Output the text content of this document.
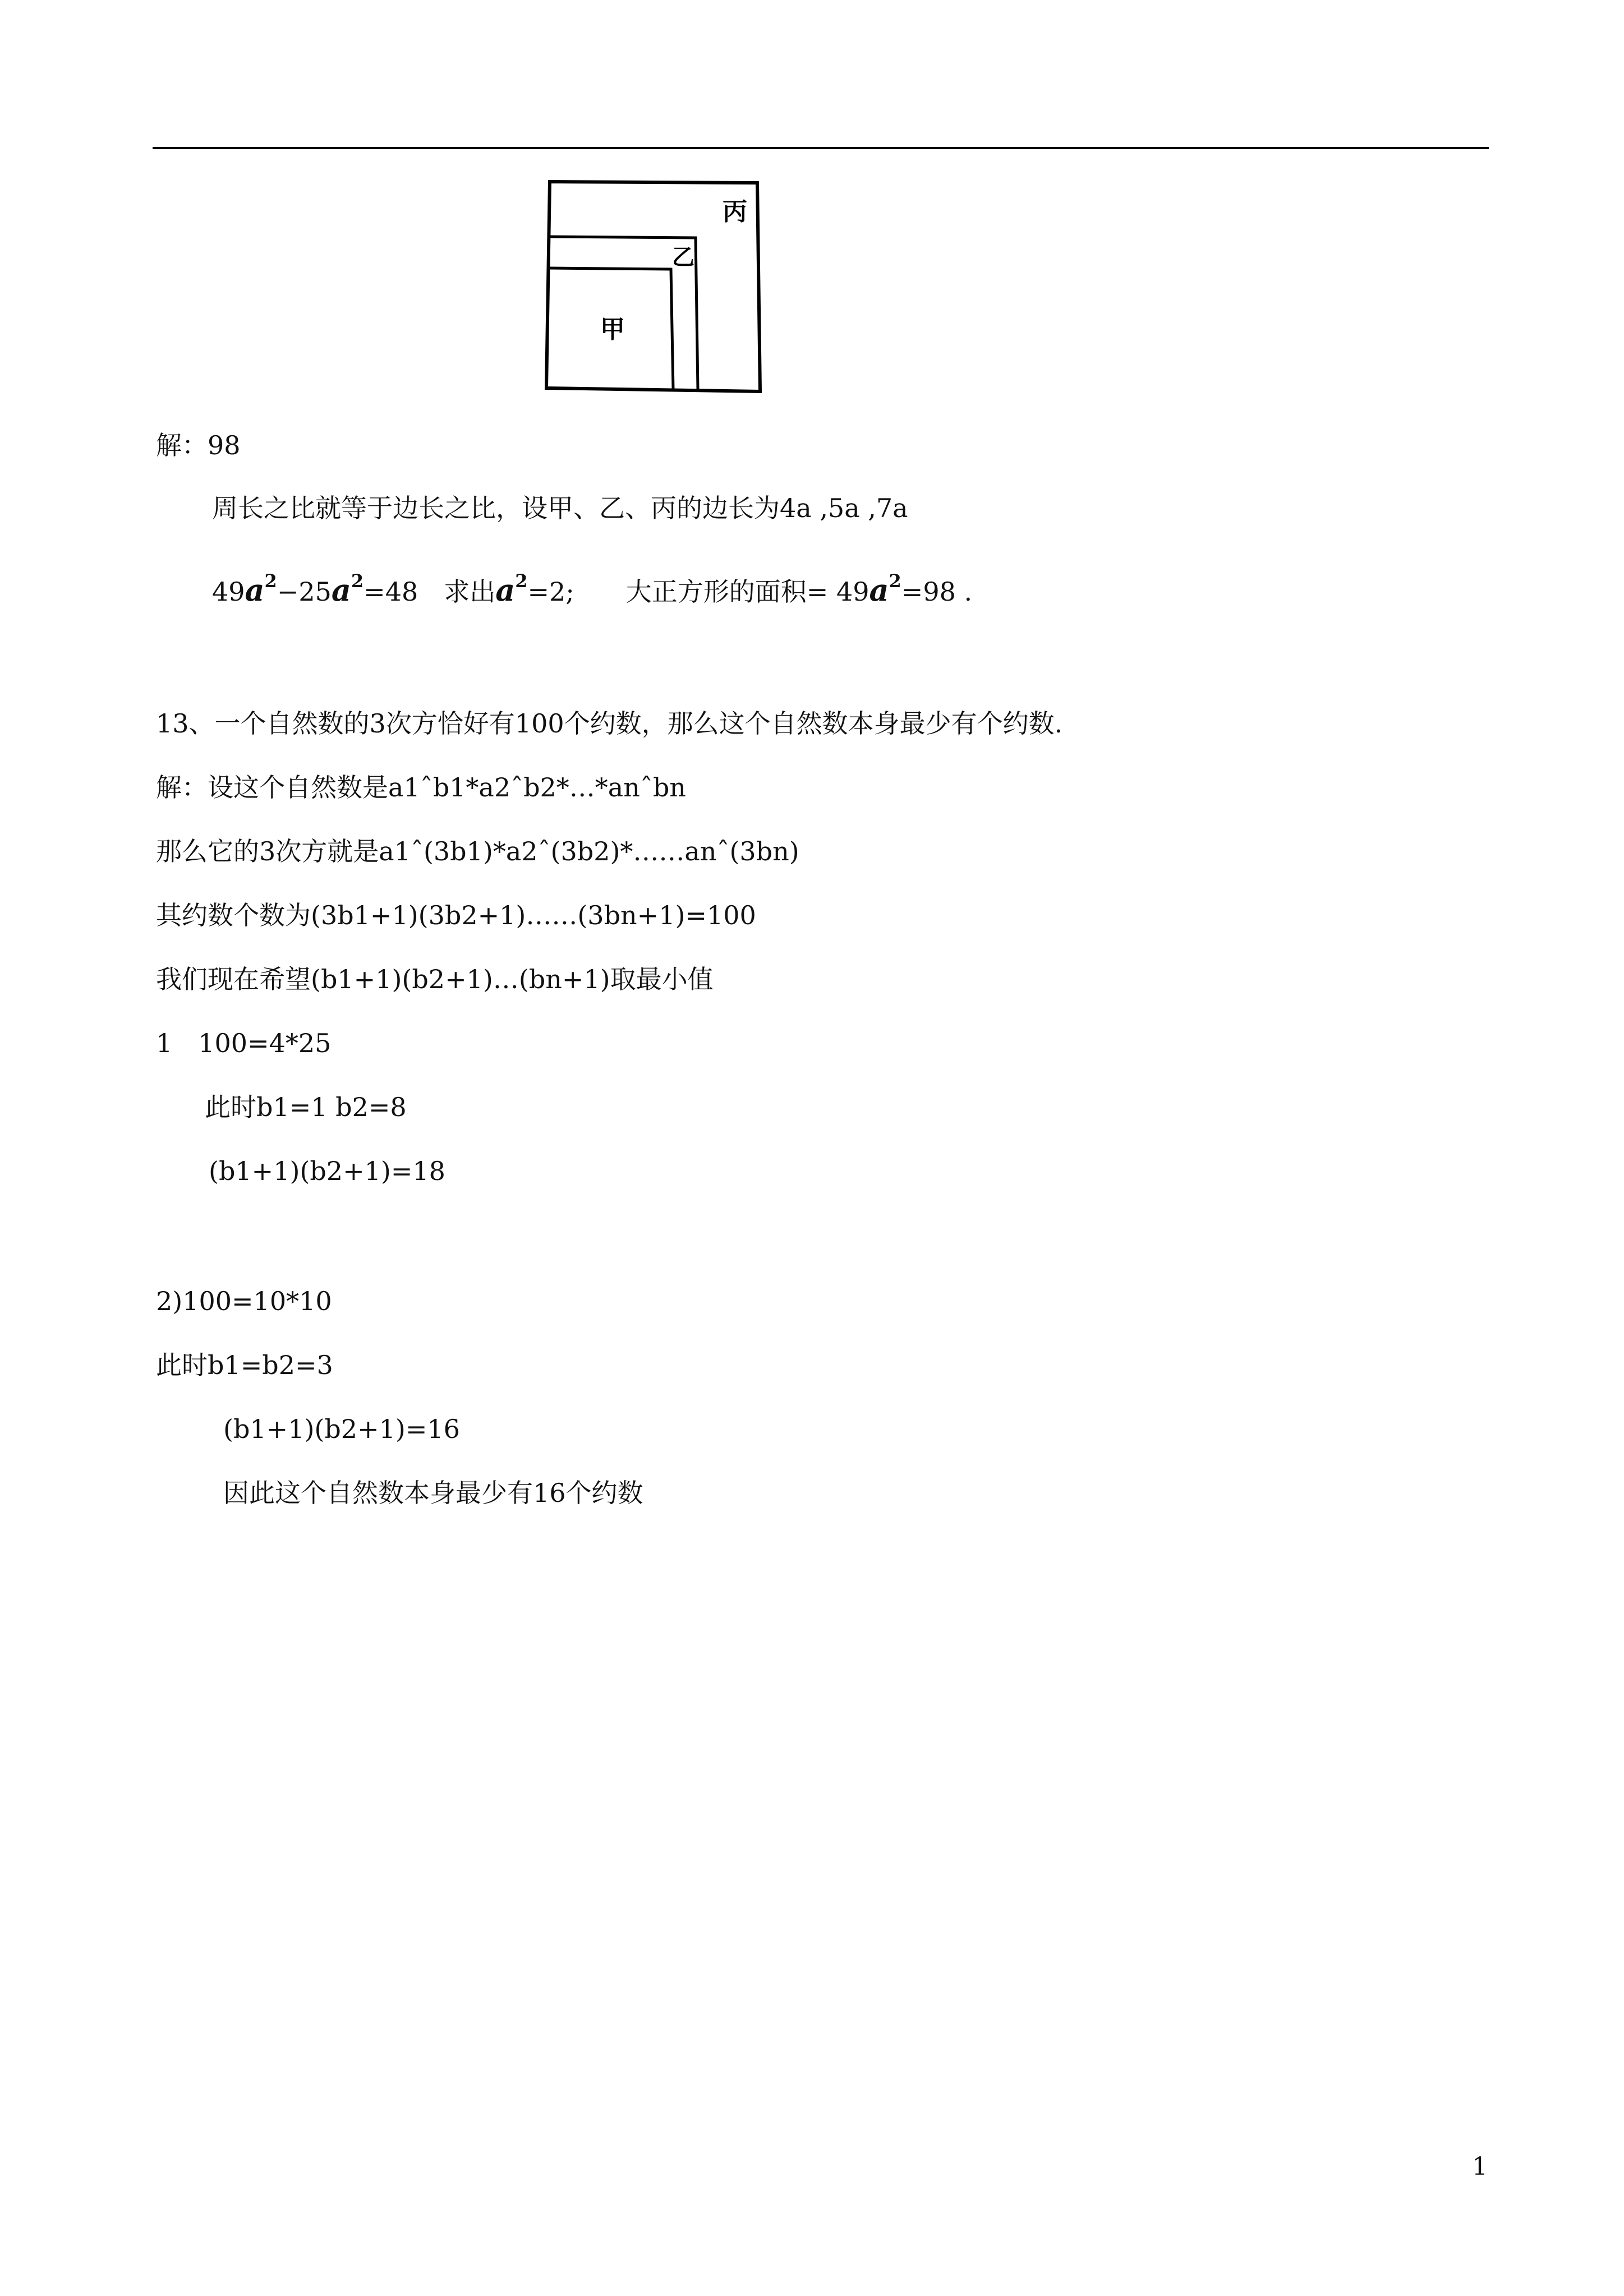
丙
乙
甲
解：98
周长之比就等于边长之比，设甲、乙、丙的边长为4a ,5a ,7a
49a2−25a2=48　求出a2=2;　　大正方形的面积= 49a2=98 .
13、一个自然数的3次方恰好有100个约数，那么这个自然数本身最少有个约数.
解：设这个自然数是a1ˆb1*a2ˆb2*…*anˆbn
那么它的3次方就是a1ˆ(3b1)*a2ˆ(3b2)*……anˆ(3bn)
其约数个数为(3b1+1)(3b2+1)……(3bn+1)=100
我们现在希望(b1+1)(b2+1)…(bn+1)取最小值
1　100=4*25
此时b1=1 b2=8
(b1+1)(b2+1)=18
2)100=10*10
此时b1=b2=3
(b1+1)(b2+1)=16
因此这个自然数本身最少有16个约数
1
